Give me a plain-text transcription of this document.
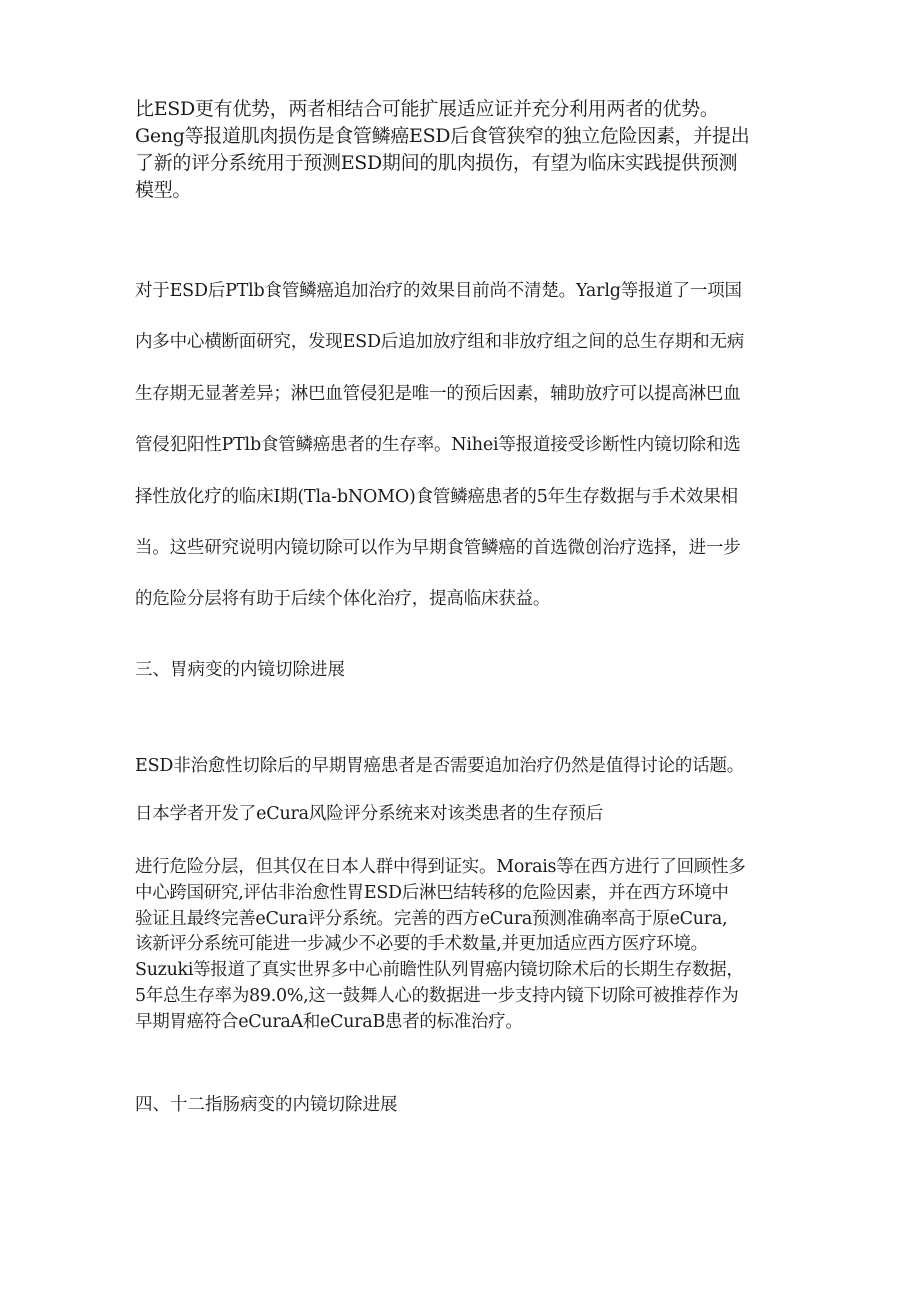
比ESD更有优势，两者相结合可能扩展适应证并充分利用两者的优势。
Geng等报道肌肉损伤是食管鳞癌ESD后食管狭窄的独立危险因素，并提出
了新的评分系统用于预测ESD期间的肌肉损伤，有望为临床实践提供预测
模型。

对于ESD后PTlb食管鳞癌追加治疗的效果目前尚不清楚。Yarlg等报道了一项国
内多中心横断面研究，发现ESD后追加放疗组和非放疗组之间的总生存期和无病
生存期无显著差异；淋巴血管侵犯是唯一的预后因素，辅助放疗可以提高淋巴血
管侵犯阳性PTlb食管鳞癌患者的生存率。Nihei等报道接受诊断性内镜切除和选
择性放化疗的临床I期(Tla-bNOMO)食管鳞癌患者的5年生存数据与手术效果相
当。这些研究说明内镜切除可以作为早期食管鳞癌的首选微创治疗选择，进一步
的危险分层将有助于后续个体化治疗，提高临床获益。

三、胃病变的内镜切除进展

ESD非治愈性切除后的早期胃癌患者是否需要追加治疗仍然是值得讨论的话题。

日本学者开发了eCura风险评分系统来对该类患者的生存预后

进行危险分层，但其仅在日本人群中得到证实。Morais等在西方进行了回顾性多
中心跨国研究,评估非治愈性胃ESD后淋巴结转移的危险因素，并在西方环境中
验证且最终完善eCura评分系统。完善的西方eCura预测准确率高于原eCura,
该新评分系统可能进一步减少不必要的手术数量,并更加适应西方医疗环境。
Suzuki等报道了真实世界多中心前瞻性队列胃癌内镜切除术后的长期生存数据，
5年总生存率为89.0%,这一鼓舞人心的数据进一步支持内镜下切除可被推荐作为
早期胃癌符合eCuraA和eCuraB患者的标准治疗。

四、十二指肠病变的内镜切除进展
